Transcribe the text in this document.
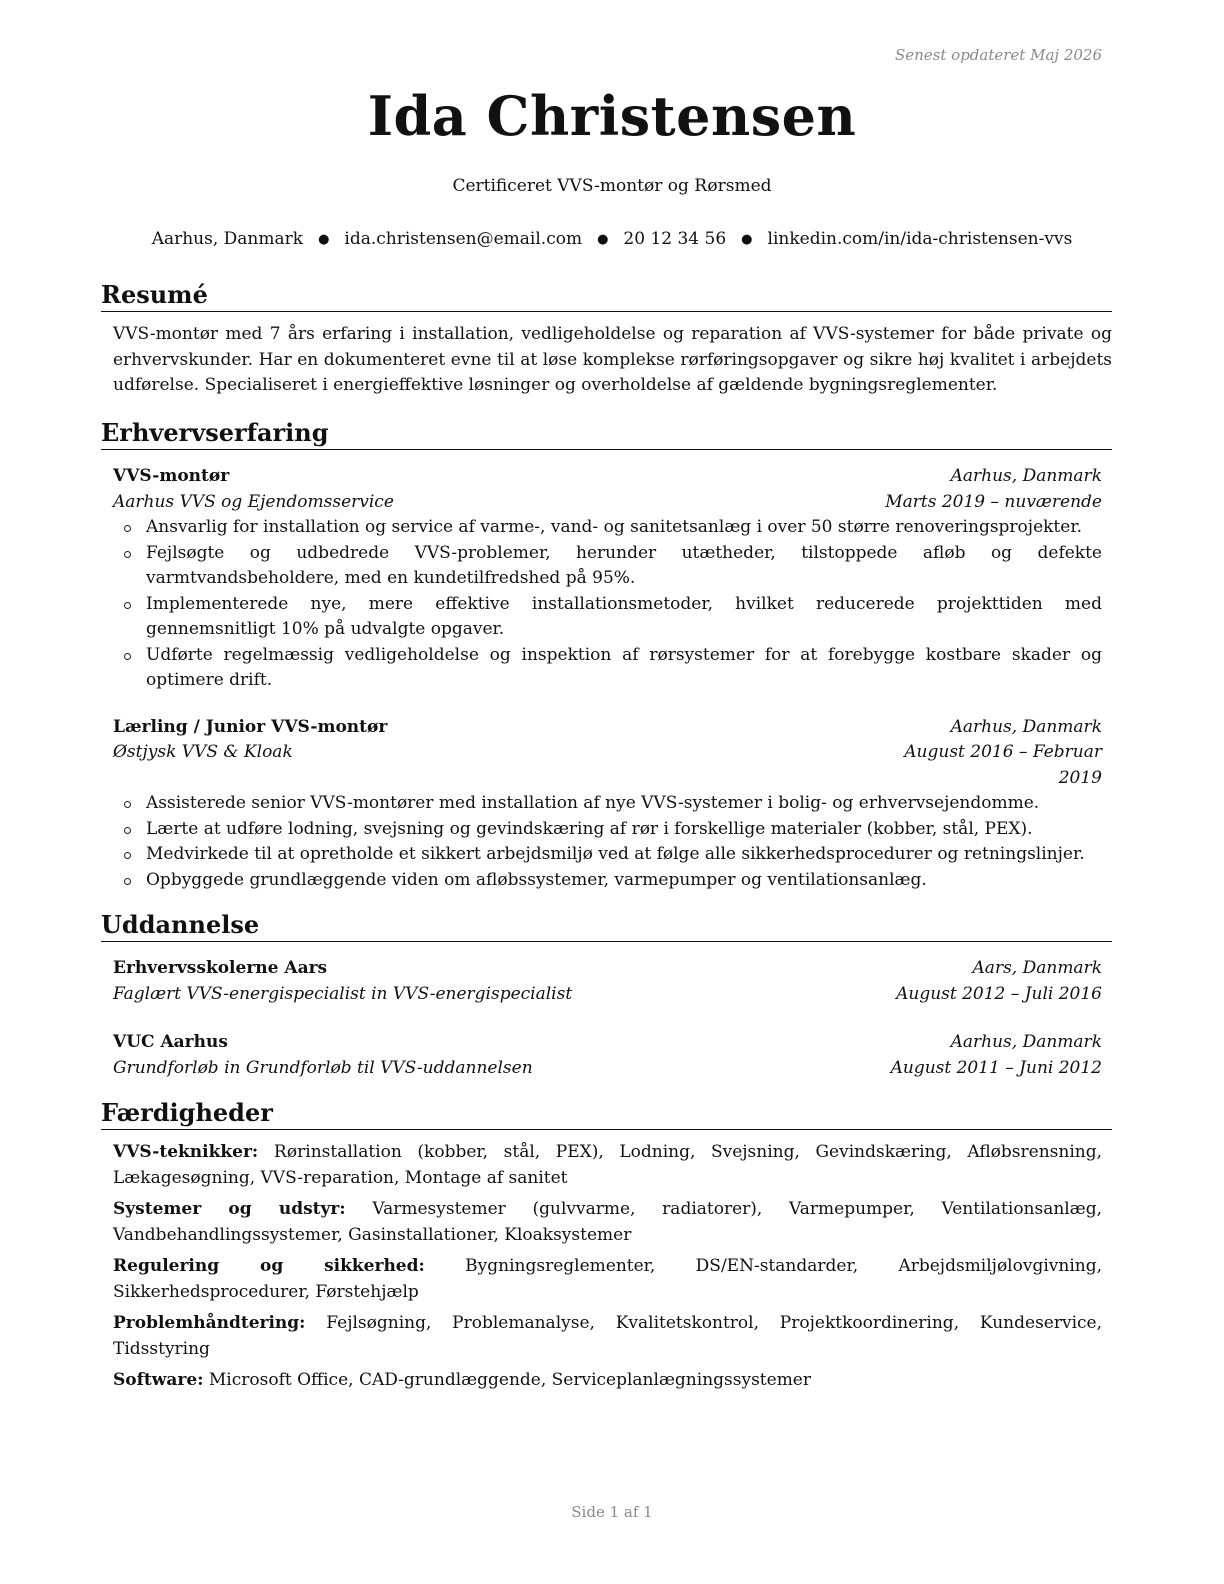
Senest opdateret Maj 2026
Ida Christensen
Certificeret VVS-montør og Rørsmed
Aarhus, Danmark ● ida.christensen@email.com ● 20 12 34 56 ● linkedin.com/in/ida-christensen-vvs
Resumé
VVS-montør med 7 års erfaring i installation, vedligeholdelse og reparation af VVS-systemer for både private og erhvervskunder. Har en dokumenteret evne til at løse komplekse rørføringsopgaver og sikre høj kvalitet i arbejdets udførelse. Specialiseret i energieffektive løsninger og overholdelse af gældende bygningsreglementer.
Erhvervserfaring
VVS-montør	Aarhus, Danmark
Aarhus VVS og Ejendomsservice	Marts 2019 – nuværende
Ansvarlig for installation og service af varme-, vand- og sanitetsanlæg i over 50 større renoveringsprojekter.
Fejlsøgte og udbedrede VVS-problemer, herunder utætheder, tilstoppede afløb og defekte varmtvandsbeholdere, med en kundetilfredshed på 95%.
Implementerede nye, mere effektive installationsmetoder, hvilket reducerede projekttiden med gennemsnitligt 10% på udvalgte opgaver.
Udførte regelmæssig vedligeholdelse og inspektion af rørsystemer for at forebygge kostbare skader og optimere drift.
Lærling / Junior VVS-montør	Aarhus, Danmark
Østjysk VVS & Kloak	August 2016 – Februar 2019
Assisterede senior VVS-montører med installation af nye VVS-systemer i bolig- og erhvervsejendomme.
Lærte at udføre lodning, svejsning og gevindskæring af rør i forskellige materialer (kobber, stål, PEX).
Medvirkede til at opretholde et sikkert arbejdsmiljø ved at følge alle sikkerhedsprocedurer og retningslinjer.
Opbyggede grundlæggende viden om afløbssystemer, varmepumper og ventilationsanlæg.
Uddannelse
Erhvervsskolerne Aars	Aars, Danmark
Faglært VVS-energispecialist in VVS-energispecialist	August 2012 – Juli 2016
VUC Aarhus	Aarhus, Danmark
Grundforløb in Grundforløb til VVS-uddannelsen	August 2011 – Juni 2012
Færdigheder
VVS-teknikker: Rørinstallation (kobber, stål, PEX), Lodning, Svejsning, Gevindskæring, Afløbsrensning, Lækagesøgning, VVS-reparation, Montage af sanitet
Systemer og udstyr: Varmesystemer (gulvvarme, radiatorer), Varmepumper, Ventilationsanlæg, Vandbehandlingssystemer, Gasinstallationer, Kloaksystemer
Regulering og sikkerhed: Bygningsreglementer, DS/EN-standarder, Arbejdsmiljølovgivning, Sikkerhedsprocedurer, Førstehjælp
Problemhåndtering: Fejlsøgning, Problemanalyse, Kvalitetskontrol, Projektkoordinering, Kundeservice, Tidsstyring
Software: Microsoft Office, CAD-grundlæggende, Serviceplanlægningssystemer
Side 1 af 1
